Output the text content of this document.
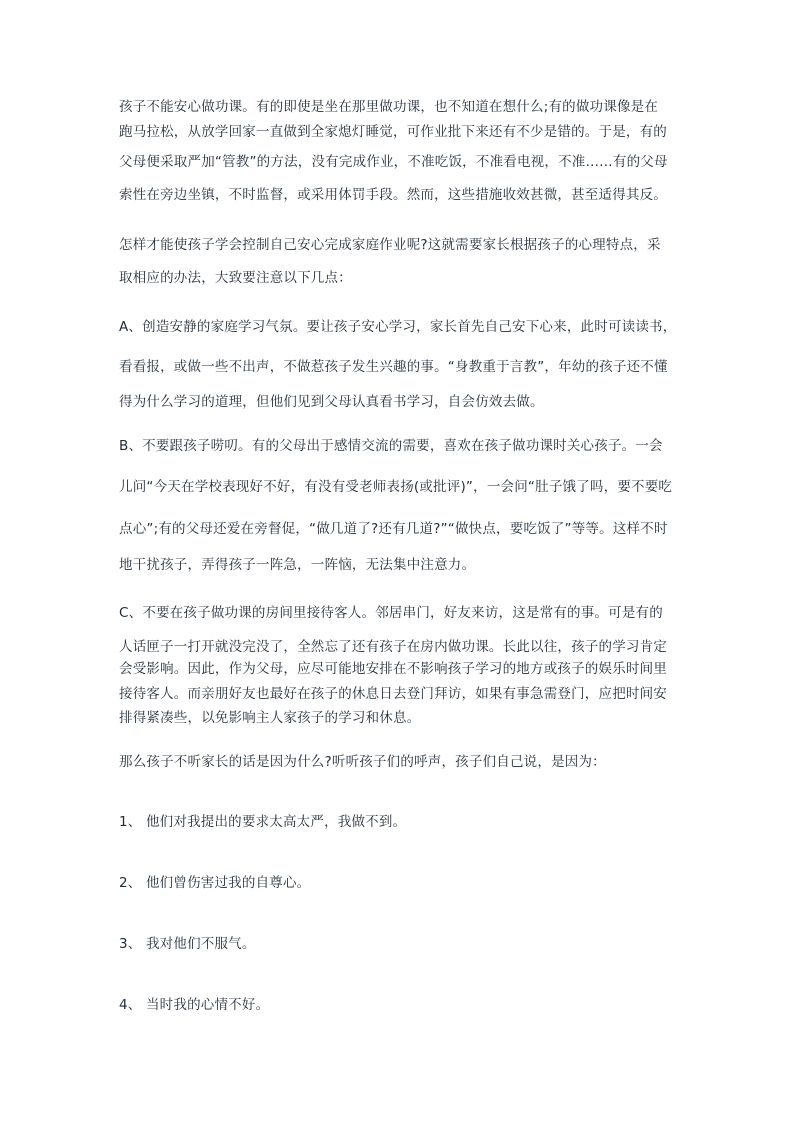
孩子不能安心做功课。有的即使是坐在那里做功课，也不知道在想什么;有的做功课像是在
跑马拉松，从放学回家一直做到全家熄灯睡觉，可作业批下来还有不少是错的。于是，有的
父母便采取严加“管教”的方法，没有完成作业，不准吃饭，不准看电视，不准……有的父母
索性在旁边坐镇，不时监督，或采用体罚手段。然而，这些措施收效甚微，甚至适得其反。
怎样才能使孩子学会控制自己安心完成家庭作业呢?这就需要家长根据孩子的心理特点，采
取相应的办法，大致要注意以下几点：
A、创造安静的家庭学习气氛。要让孩子安心学习，家长首先自己安下心来，此时可读读书，
看看报，或做一些不出声，不做惹孩子发生兴趣的事。“身教重于言教”，年幼的孩子还不懂
得为什么学习的道理，但他们见到父母认真看书学习，自会仿效去做。
B、不要跟孩子唠叨。有的父母出于感情交流的需要，喜欢在孩子做功课时关心孩子。一会
儿问“今天在学校表现好不好，有没有受老师表扬(或批评)”，一会问“肚子饿了吗，要不要吃
点心”;有的父母还爱在旁督促，“做几道了?还有几道?”“做快点，要吃饭了”等等。这样不时
地干扰孩子，弄得孩子一阵急，一阵恼，无法集中注意力。
C、不要在孩子做功课的房间里接待客人。邻居串门，好友来访，这是常有的事。可是有的
人话匣子一打开就没完没了，全然忘了还有孩子在房内做功课。长此以往，孩子的学习肯定
会受影响。因此，作为父母，应尽可能地安排在不影响孩子学习的地方或孩子的娱乐时间里
接待客人。而亲朋好友也最好在孩子的休息日去登门拜访，如果有事急需登门，应把时间安
排得紧凑些，以免影响主人家孩子的学习和休息。
那么孩子不听家长的话是因为什么?听听孩子们的呼声，孩子们自己说，是因为：
1、 他们对我提出的要求太高太严，我做不到。
2、 他们曾伤害过我的自尊心。
3、 我对他们不服气。
4、 当时我的心情不好。
